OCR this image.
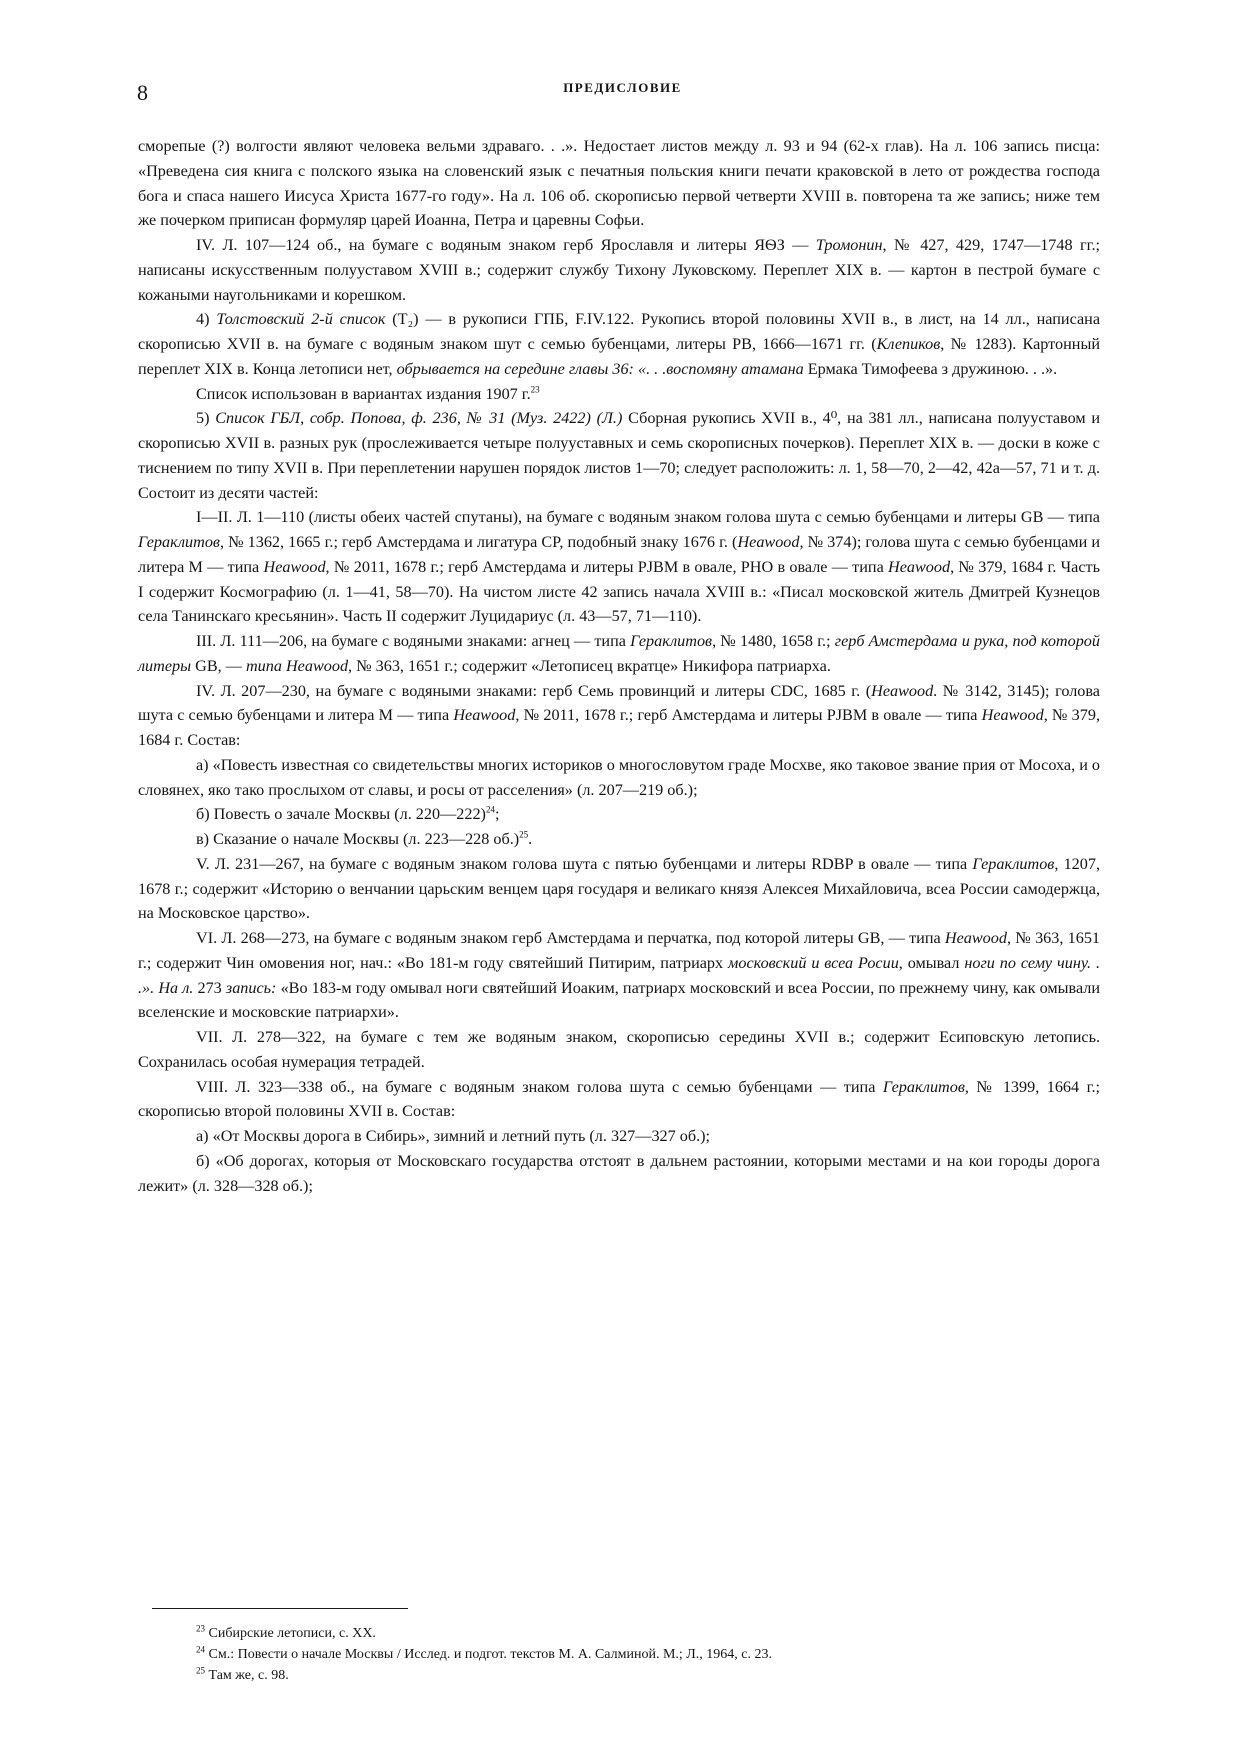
8	ПРЕДИСЛОВИЕ

сморепые (?) волгости являют человека вельми здраваго. . .». Недостает листов между л. 93 и 94 (62-х глав). На л. 106 запись писца: «Преведена сия книга с полского языка на словенский язык с печатныя польския книги печати краковской в лето от рождества господа бога и спаса нашего Иисуса Христа 1677-го году». На л. 106 об. скорописью первой четверти XVIII в. повторена та же запись; ниже тем же почерком приписан формуляр царей Иоанна, Петра и царевны Софьи.

IV. Л. 107—124 об., на бумаге с водяным знаком герб Ярославля и литеры ЯѲЗ — Тромонин, № 427, 429, 1747—1748 гг.; написаны искусственным полууставом XVIII в.; содержит службу Тихону Луковскому. Переплет XIX в. — картон в пестрой бумаге с кожаными наугольниками и корешком.

4) Толстовский 2-й список (Т₂) — в рукописи ГПБ, F.IV.122. Рукопись второй половины XVII в., в лист, на 14 лл., написана скорописью XVII в. на бумаге с водяным знаком шут с семью бубенцами, литеры PB, 1666—1671 гг. (Клепиков, № 1283). Картонный переплет XIX в. Конца летописи нет, обрывается на середине главы 36: «. . .воспомяну атамана Ермака Тимофеева з дружиною. . .».

Список использован в вариантах издания 1907 г.$^{23}$

5) Список ГБЛ, собр. Попова, ф. 236, № 31 (Муз. 2422) (Л.) Сборная рукопись XVII в., 4⁰, на 381 лл., написана полууставом и скорописью XVII в. разных рук (прослеживается четыре полууставных и семь скорописных почерков). Переплет XIX в. — доски в коже с тиснением по типу XVII в. При переплетении нарушен порядок листов 1—70; следует расположить: л. 1, 58—70, 2—42, 42а—57, 71 и т. д. Состоит из десяти частей:

I—II. Л. 1—110 (листы обеих частей спутаны), на бумаге с водяным знаком голова шута с семью бубенцами и литеры GB — типа Гераклитов, № 1362, 1665 г.; герб Амстердама и лигатура CP, подобный знаку 1676 г. (Heawood, № 374); голова шута с семью бубенцами и литера М — типа Heawood, № 2011, 1678 г.; герб Амстердама и литеры PJBM в овале, PHO в овале — типа Heawood, № 379, 1684 г. Часть I содержит Космографию (л. 1—41, 58—70). На чистом листе 42 запись начала XVIII в.: «Писал московской житель Дмитрей Кузнецов села Танинскаго кресьянин». Часть II содержит Луцидариус (л. 43—57, 71—110).

III. Л. 111—206, на бумаге с водяными знаками: агнец — типа Гераклитов, № 1480, 1658 г.; герб Амстердама и рука, под которой литеры GB, — типа Heawood, № 363, 1651 г.; содержит «Летописец вкратце» Никифора патриарха.

IV. Л. 207—230, на бумаге с водяными знаками: герб Семь провинций и литеры CDC, 1685 г. (Heawood. № 3142, 3145); голова шута с семью бубенцами и литера М — типа Heawood, № 2011, 1678 г.; герб Амстердама и литеры PJBM в овале — типа Heawood, № 379, 1684 г. Состав:

а) «Повесть известная со свидетельствы многих историков о многословутом граде Мосхве, яко таковое звание прия от Мосоха, и о словянех, яко тако прослыхом от славы, и росы от расселения» (л. 207—219 об.);

б) Повесть о зачале Москвы (л. 220—222)$^{24}$;

в) Сказание о начале Москвы (л. 223—228 об.)$^{25}$.

V. Л. 231—267, на бумаге с водяным знаком голова шута с пятью бубенцами и литеры RDBP в овале — типа Гераклитов, 1207, 1678 г.; содержит «Историю о венчании царьским венцем царя государя и великаго князя Алексея Михайловича, всеа России самодержца, на Московское царство».

VI. Л. 268—273, на бумаге с водяным знаком герб Амстердама и перчатка, под которой литеры GB, — типа Heawood, № 363, 1651 г.; содержит Чин омовения ног, нач.: «Во 181-м году святейший Питирим, патриарх московский и всеа Росии, омывал ноги по сему чину. . .». На л. 273 запись: «Во 183-м году омывал ноги святейший Иоаким, патриарх московский и всеа России, по прежнему чину, как омывали вселенские и московские патриархи».

VII. Л. 278—322, на бумаге с тем же водяным знаком, скорописью середины XVII в.; содержит Есиповскую летопись. Сохранилась особая нумерация тетрадей.

VIII. Л. 323—338 об., на бумаге с водяным знаком голова шута с семью бубенцами — типа Гераклитов, № 1399, 1664 г.; скорописью второй половины XVII в. Состав:

а) «От Москвы дорога в Сибирь», зимний и летний путь (л. 327—327 об.);

б) «Об дорогах, которыя от Московскаго государства отстоят в дальнем растоянии, которыми местами и на кои городы дорога лежит» (л. 328—328 об.);

$^{23}$ Сибирские летописи, с. XX.

$^{24}$ См.: Повести о начале Москвы / Исслед. и подгот. текстов М. А. Салминой. М.; Л., 1964, с. 23.

$^{25}$ Там же, с. 98.
